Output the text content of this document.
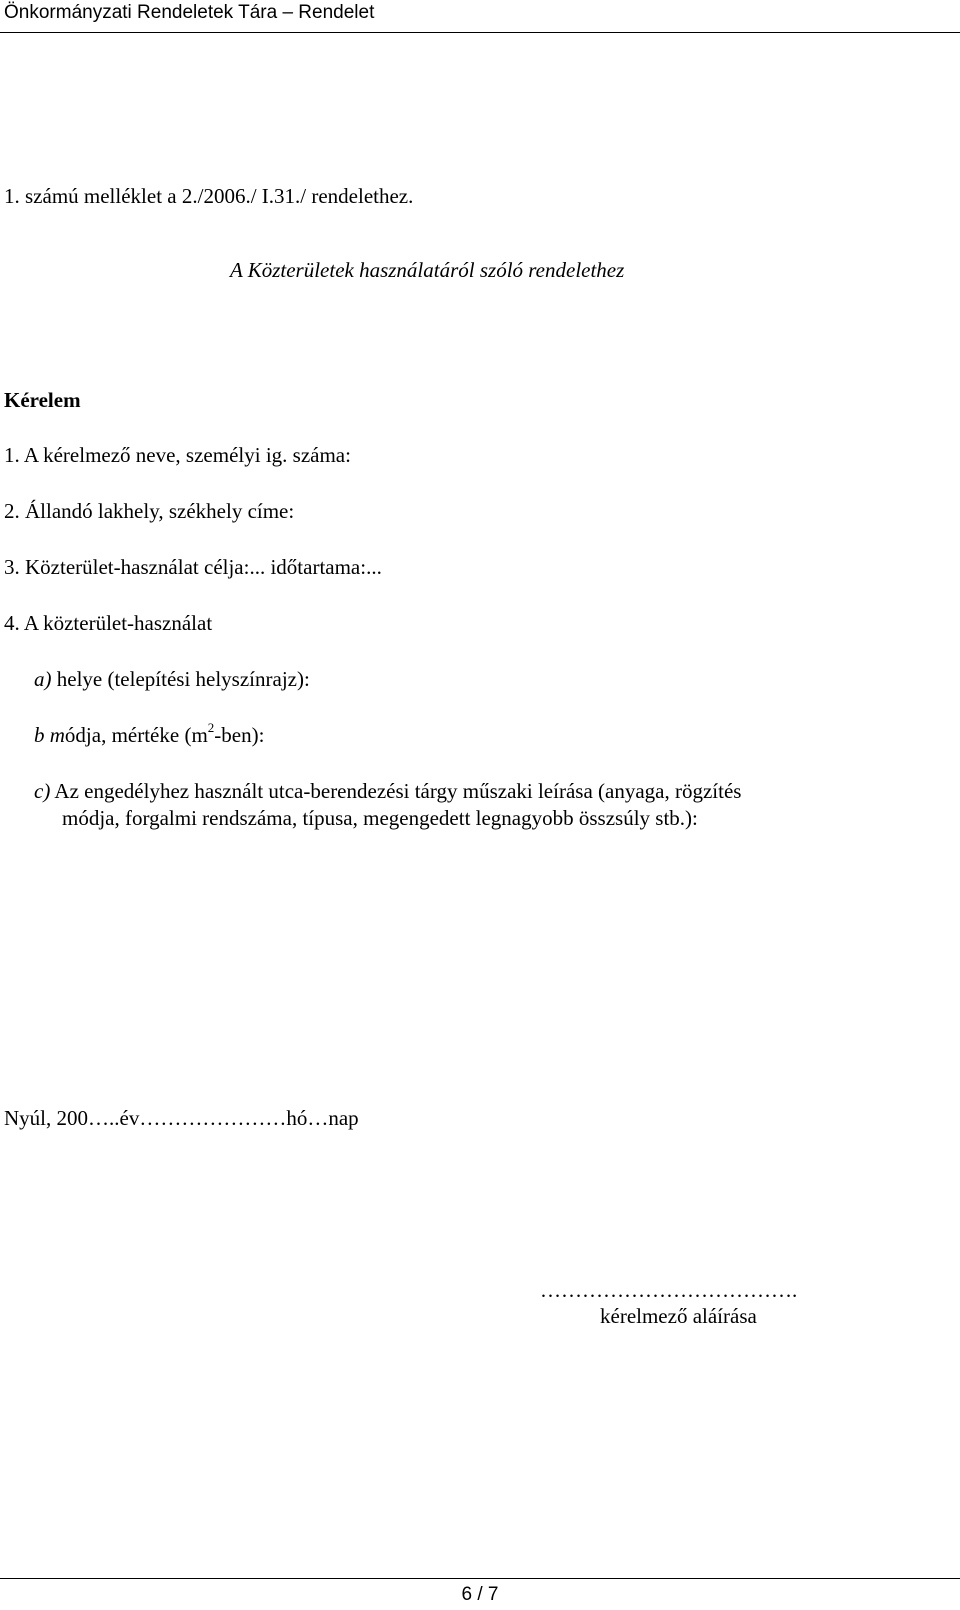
Önkormányzati Rendeletek Tára – Rendelet
1. számú melléklet a 2./2006./ I.31./ rendelethez.
A Közterületek használatáról szóló rendelethez
Kérelem
1. A kérelmező neve, személyi ig. száma:
2. Állandó lakhely, székhely címe:
3. Közterület-használat célja:... időtartama:...
4. A közterület-használat
a) helye (telepítési helyszínrajz):
b módja, mértéke $(m^2-ben)$:
c) Az engedélyhez használt utca-berendezési tárgy műszaki leírása (anyaga, rögzítés
módja, forgalmi rendszáma, típusa, megengedett legnagyobb összsúly stb.):
Nyúl, 200…..év…………………hó…nap
……………………………….
kérelmező aláírása
6 / 7
